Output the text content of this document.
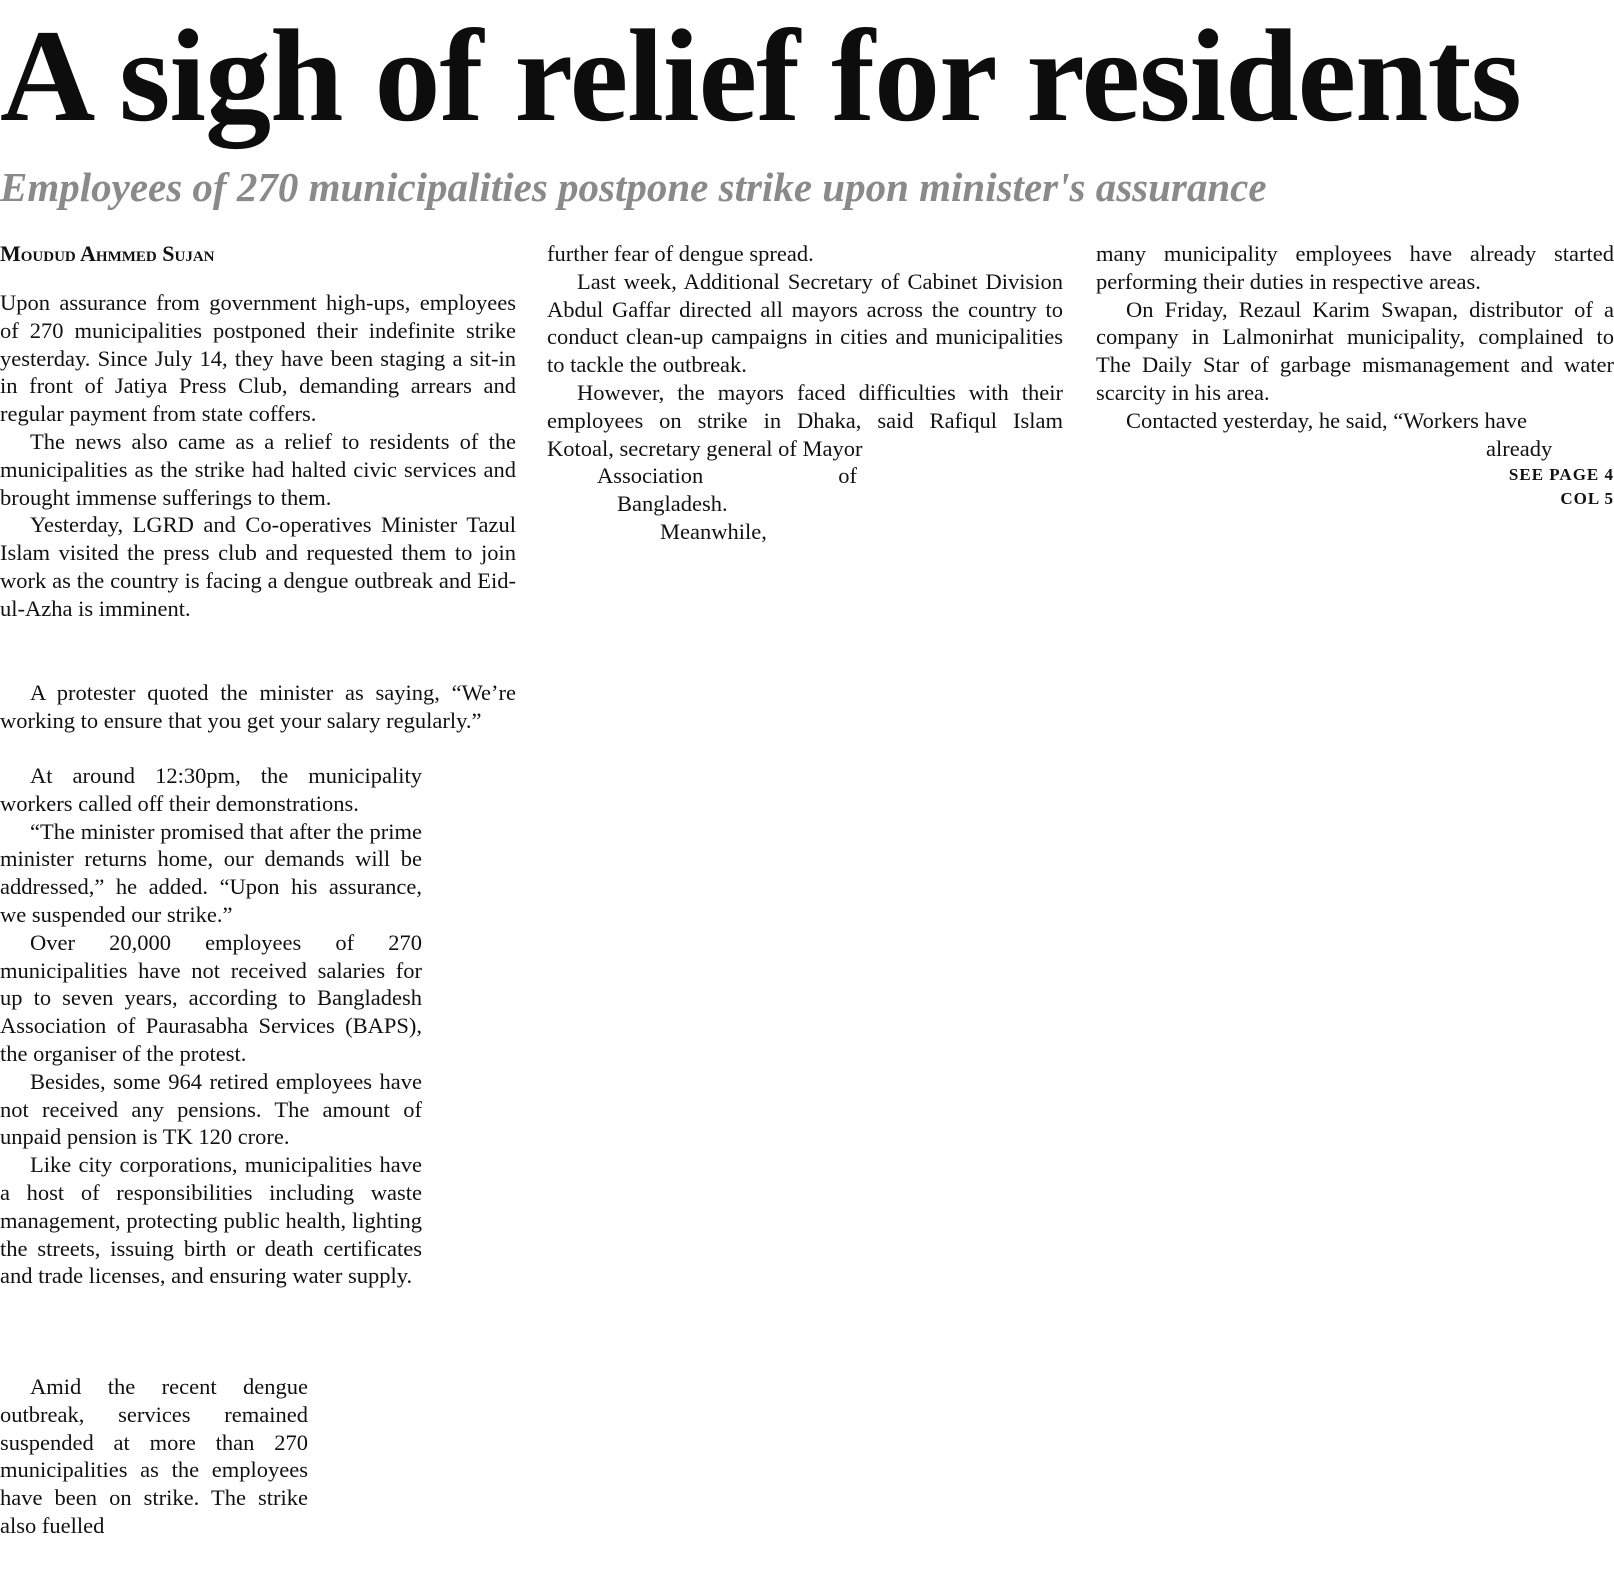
A sigh of relief for residents
Employees of 270 municipalities postpone strike upon minister's assurance
Moudud Ahmmed Sujan

Upon assurance from government high-ups, employees of 270 municipalities postponed their indefinite strike yesterday. Since July 14, they have been staging a sit-in in front of Jatiya Press Club, demanding arrears and regular payment from state coffers.

The news also came as a relief to residents of the municipalities as the strike had halted civic services and brought immense sufferings to them.

Yesterday, LGRD and Co-operatives Minister Tazul Islam visited the press club and requested them to join work as the country is facing a dengue outbreak and Eid-ul-Azha is imminent.

A protester quoted the minister as saying, “We’re working to ensure that you get your salary regularly.”

At around 12:30pm, the municipality workers called off their demonstrations.

“The minister promised that after the prime minister returns home, our demands will be addressed,” he added. “Upon his assurance, we suspended our strike.”

Over 20,000 employees of 270 municipalities have not received salaries for up to seven years, according to Bangladesh Association of Paurasabha Services (BAPS), the organiser of the protest.

Besides, some 964 retired employees have not received any pensions. The amount of unpaid pension is TK 120 crore.

Like city corporations, municipalities have a host of responsibilities including waste management, protecting public health, lighting the streets, issuing birth or death certificates and trade licenses, and ensuring water supply.

Amid the recent dengue outbreak, services remained suspended at more than 270 municipalities as the employees have been on strike. The strike also fuelled

further fear of dengue spread.

Last week, Additional Secretary of Cabinet Division Abdul Gaffar directed all mayors across the country to conduct clean-up campaigns in cities and municipalities to tackle the outbreak.

However, the mayors faced difficulties with their employees on strike in Dhaka, said Rafiqul Islam Kotoal, secretary general of Mayor

Association	of
Bangladesh.
Meanwhile,

many municipality employees have already started performing their duties in respective areas.

On Friday, Rezaul Karim Swapan, distributor of a company in Lalmonirhat municipality, complained to The Daily Star of garbage mismanagement and water scarcity in his area.

Contacted yesterday, he said, “Workers have

already
SEE PAGE 4
COL 5
